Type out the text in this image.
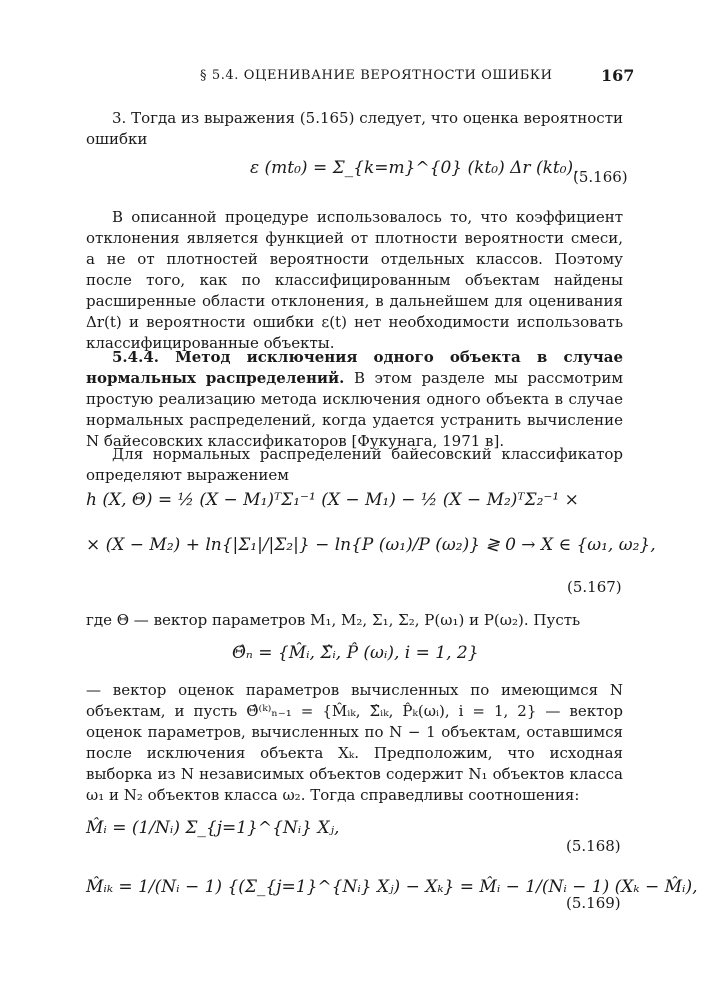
§ 5.4. ОЦЕНИВАНИЕ ВЕРОЯТНОСТИ ОШИБКИ	167
3. Тогда из выражения (5.165) следует, что оценка вероятности ошибки
ε (mt₀) = Σ_{k=m}^{0} (kt₀) Δr (kt₀).
(5.166)
В описанной процедуре использовалось то, что коэффициент отклонения является функцией от плотности вероятности смеси, а не от плотностей вероятности отдельных классов. Поэтому после того, как по классифицированным объектам найдены расширенные области отклонения, в дальнейшем для оценивания Δr(t) и вероятности ошибки ε(t) нет необходимости использовать классифицированные объекты.
5.4.4. Метод исключения одного объекта в случае нормальных распределений. В этом разделе мы рассмотрим простую реализацию метода исключения одного объекта в случае нормальных распределений, когда удается устранить вычисление N байесовских классификаторов [Фукунага, 1971 в].
Для нормальных распределений байесовский классификатор определяют выражением
h (X, Θ) = ½ (X − M₁)ᵀΣ₁⁻¹ (X − M₁) − ½ (X − M₂)ᵀΣ₂⁻¹ ×
× (X − M₂) + ln{|Σ₁|/|Σ₂|} − ln{P (ω₁)/P (ω₂)} ≷ 0 → X ∈ {ω₁, ω₂},
(5.167)
где Θ — вектор параметров M₁, M₂, Σ₁, Σ₂, P(ω₁) и P(ω₂). Пусть
Θ̂ₙ = {M̂ᵢ, Σ̂ᵢ, P̂ (ωᵢ), i = 1, 2}
— вектор оценок параметров вычисленных по имеющимся N объектам, и пусть Θ̂⁽ᵏ⁾ₙ₋₁ = {M̂ᵢₖ, Σ̂ᵢₖ, P̂ₖ(ωᵢ), i = 1, 2} — вектор оценок параметров, вычисленных по N − 1 объектам, оставшимся после исключения объекта Xₖ. Предположим, что исходная выборка из N независимых объектов содержит N₁ объектов класса ω₁ и N₂ объектов класса ω₂. Тогда справедливы соотношения:
M̂ᵢ = (1/Nᵢ) Σ_{j=1}^{Nᵢ} Xⱼ,
(5.168)
M̂ᵢₖ = 1/(Nᵢ − 1) {(Σ_{j=1}^{Nᵢ} Xⱼ) − Xₖ} = M̂ᵢ − 1/(Nᵢ − 1) (Xₖ − M̂ᵢ),
(5.169)
